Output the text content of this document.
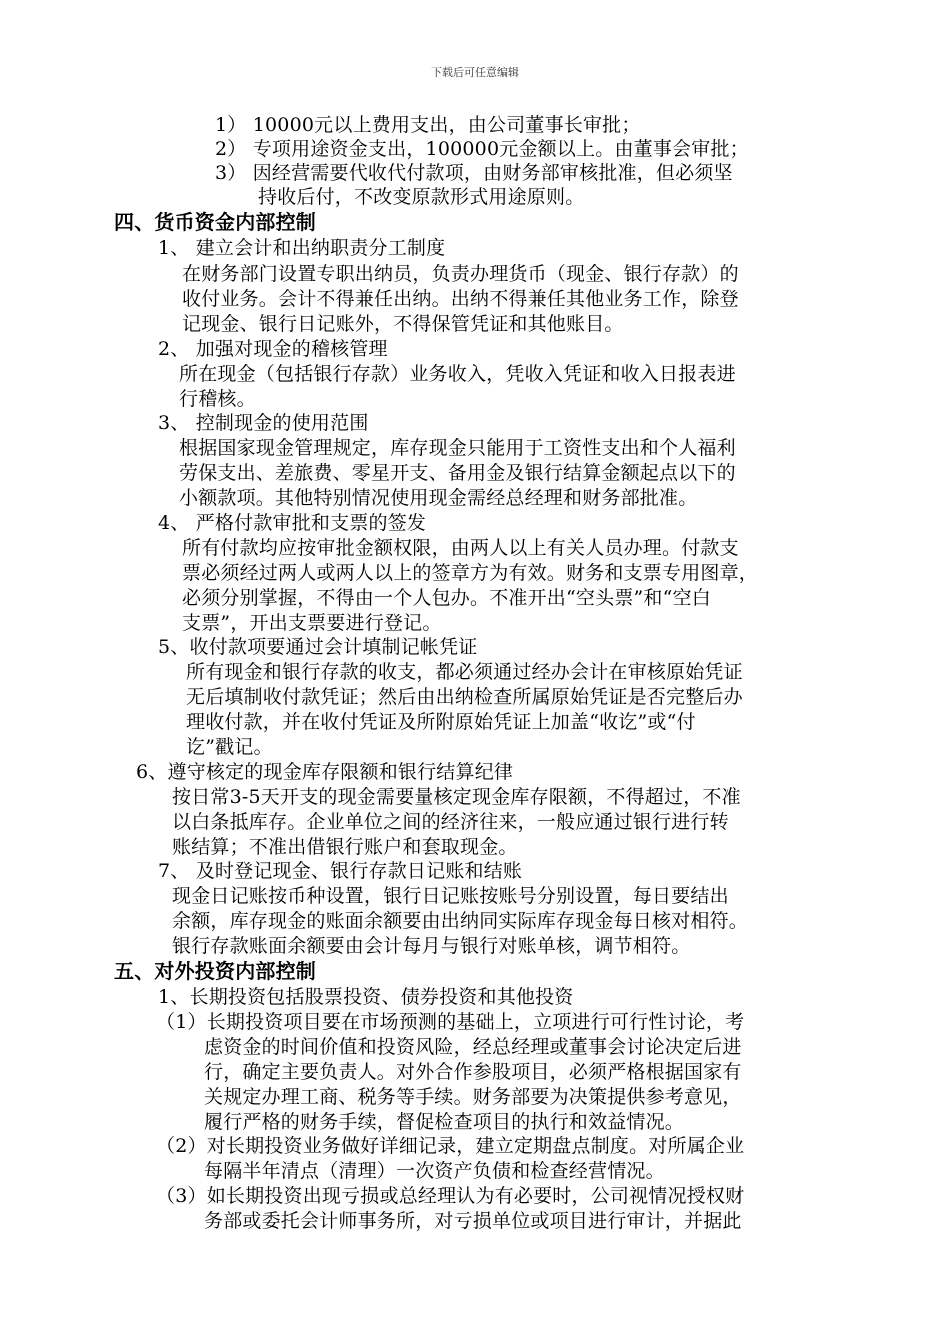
下载后可任意编辑
1） 10000元以上费用支出，由公司董事长审批；
2） 专项用途资金支出，100000元金额以上。由董事会审批；
3） 因经营需要代收代付款项，由财务部审核批准，但必须坚
持收后付，不改变原款形式用途原则。
四、货币资金内部控制
1、 建立会计和出纳职责分工制度
在财务部门设置专职出纳员，负责办理货币（现金、银行存款）的
收付业务。会计不得兼任出纳。出纳不得兼任其他业务工作，除登
记现金、银行日记账外，不得保管凭证和其他账目。
2、 加强对现金的稽核管理
所在现金（包括银行存款）业务收入，凭收入凭证和收入日报表进
行稽核。
3、 控制现金的使用范围
根据国家现金管理规定，库存现金只能用于工资性支出和个人福利
劳保支出、差旅费、零星开支、备用金及银行结算金额起点以下的
小额款项。其他特别情况使用现金需经总经理和财务部批准。
4、 严格付款审批和支票的签发
所有付款均应按审批金额权限，由两人以上有关人员办理。付款支
票必须经过两人或两人以上的签章方为有效。财务和支票专用图章，
必须分别掌握，不得由一个人包办。不准开出“空头票”和“空白
支票”，开出支票要进行登记。
5、收付款项要通过会计填制记帐凭证
所有现金和银行存款的收支，都必须通过经办会计在审核原始凭证
无后填制收付款凭证；然后由出纳检查所属原始凭证是否完整后办
理收付款，并在收付凭证及所附原始凭证上加盖“收讫”或“付
讫”戳记。
6、遵守核定的现金库存限额和银行结算纪律
按日常3-5天开支的现金需要量核定现金库存限额，不得超过，不准
以白条抵库存。企业单位之间的经济往来，一般应通过银行进行转
账结算；不准出借银行账户和套取现金。
7、 及时登记现金、银行存款日记账和结账
现金日记账按币种设置，银行日记账按账号分别设置，每日要结出
余额，库存现金的账面余额要由出纳同实际库存现金每日核对相符。
银行存款账面余额要由会计每月与银行对账单核，调节相符。
五、对外投资内部控制
1、长期投资包括股票投资、债券投资和其他投资
（1）长期投资项目要在市场预测的基础上，立项进行可行性讨论，考
虑资金的时间价值和投资风险，经总经理或董事会讨论决定后进
行，确定主要负责人。对外合作参股项目，必须严格根据国家有
关规定办理工商、税务等手续。财务部要为决策提供参考意见，
履行严格的财务手续，督促检查项目的执行和效益情况。
（2）对长期投资业务做好详细记录，建立定期盘点制度。对所属企业
每隔半年清点（清理）一次资产负债和检查经营情况。
（3）如长期投资出现亏损或总经理认为有必要时，公司视情况授权财
务部或委托会计师事务所，对亏损单位或项目进行审计，并据此
